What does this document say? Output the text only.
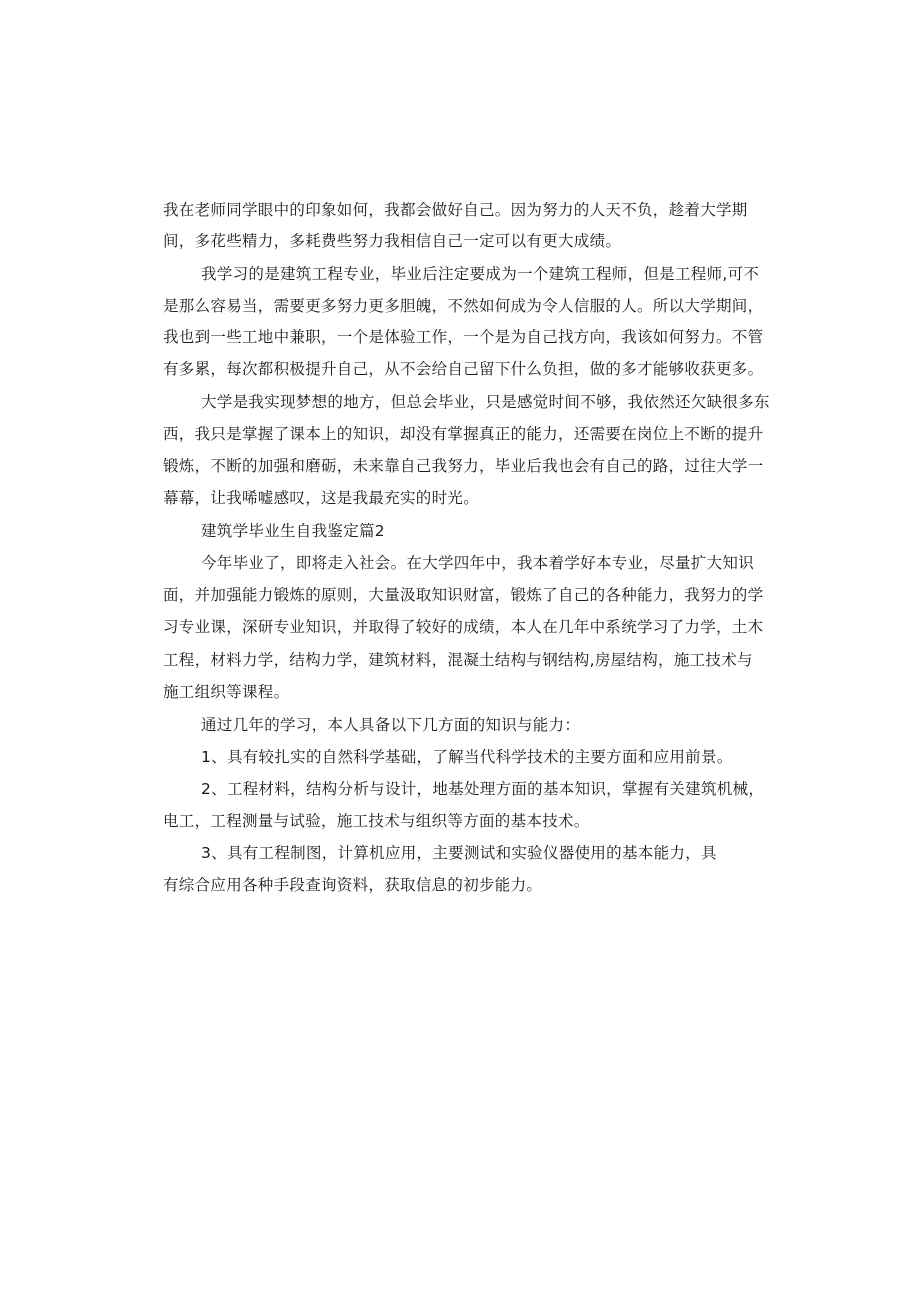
我在老师同学眼中的印象如何，我都会做好自己。因为努力的人天不负，趁着大学期
间，多花些精力，多耗费些努力我相信自己一定可以有更大成绩。
我学习的是建筑工程专业，毕业后注定要成为一个建筑工程师，但是工程师,可不
是那么容易当，需要更多努力更多胆魄，不然如何成为令人信服的人。所以大学期间，
我也到一些工地中兼职，一个是体验工作，一个是为自己找方向，我该如何努力。不管
有多累，每次都积极提升自己，从不会给自己留下什么负担，做的多才能够收获更多。
大学是我实现梦想的地方，但总会毕业，只是感觉时间不够，我依然还欠缺很多东
西，我只是掌握了课本上的知识，却没有掌握真正的能力，还需要在岗位上不断的提升
锻炼，不断的加强和磨砺，未来靠自己我努力，毕业后我也会有自己的路，过往大学一
幕幕，让我唏嘘感叹，这是我最充实的时光。
建筑学毕业生自我鉴定篇2
今年毕业了，即将走入社会。在大学四年中，我本着学好本专业，尽量扩大知识
面，并加强能力锻炼的原则，大量汲取知识财富，锻炼了自己的各种能力，我努力的学
习专业课，深研专业知识，并取得了较好的成绩，本人在几年中系统学习了力学，土木
工程，材料力学，结构力学，建筑材料，混凝土结构与钢结构,房屋结构，施工技术与
施工组织等课程。
通过几年的学习，本人具备以下几方面的知识与能力：
1、具有较扎实的自然科学基础，了解当代科学技术的主要方面和应用前景。
2、工程材料，结构分析与设计，地基处理方面的基本知识，掌握有关建筑机械，
电工，工程测量与试验，施工技术与组织等方面的基本技术。
3、具有工程制图，计算机应用，主要测试和实验仪器使用的基本能力，具
有综合应用各种手段查询资料，获取信息的初步能力。
